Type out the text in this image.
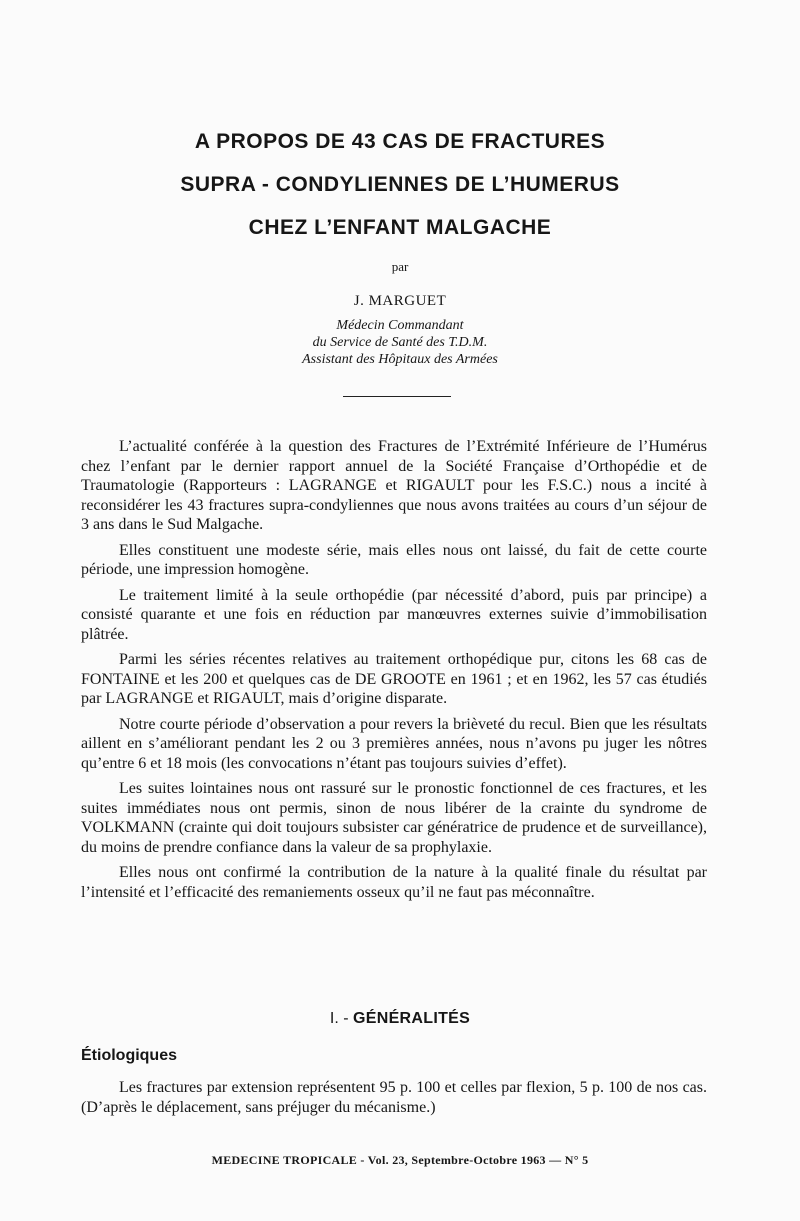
A PROPOS DE 43 CAS DE FRACTURES
SUPRA - CONDYLIENNES DE L’HUMERUS
CHEZ L’ENFANT MALGACHE

par

J. MARGUET

Médecin Commandant

du Service de Santé des T.D.M.

Assistant des Hôpitaux des Armées

L’actualité conférée à la question des Fractures de l’Extrémité Inférieure de l’Humérus chez l’enfant par le dernier rapport annuel de la Société Française d’Orthopédie et de Traumatologie (Rapporteurs : LAGRANGE et RIGAULT pour les F.S.C.) nous a incité à reconsidérer les 43 fractures supra-condyliennes que nous avons traitées au cours d’un séjour de 3 ans dans le Sud Malgache.

Elles constituent une modeste série, mais elles nous ont laissé, du fait de cette courte période, une impression homogène.

Le traitement limité à la seule orthopédie (par nécessité d’abord, puis par principe) a consisté quarante et une fois en réduction par manœuvres externes suivie d’immobilisation plâtrée.

Parmi les séries récentes relatives au traitement orthopédique pur, citons les 68 cas de FONTAINE et les 200 et quelques cas de DE GROOTE en 1961 ; et en 1962, les 57 cas étudiés par LAGRANGE et RIGAULT, mais d’origine disparate.

Notre courte période d’observation a pour revers la brièveté du recul. Bien que les résultats aillent en s’améliorant pendant les 2 ou 3 premières années, nous n’avons pu juger les nôtres qu’entre 6 et 18 mois (les convocations n’étant pas toujours suivies d’effet).

Les suites lointaines nous ont rassuré sur le pronostic fonctionnel de ces fractures, et les suites immédiates nous ont permis, sinon de nous libérer de la crainte du syndrome de VOLKMANN (crainte qui doit toujours subsister car génératrice de prudence et de surveillance), du moins de prendre confiance dans la valeur de sa prophylaxie.

Elles nous ont confirmé la contribution de la nature à la qualité finale du résultat par l’intensité et l’efficacité des remaniements osseux qu’il ne faut pas méconnaître.

I. - GÉNÉRALITÉS
Étiologiques

Les fractures par extension représentent 95 p. 100 et celles par flexion, 5 p. 100 de nos cas. (D’après le déplacement, sans préjuger du mécanisme.)

MEDECINE TROPICALE - Vol. 23, Septembre-Octobre 1963 — N° 5
